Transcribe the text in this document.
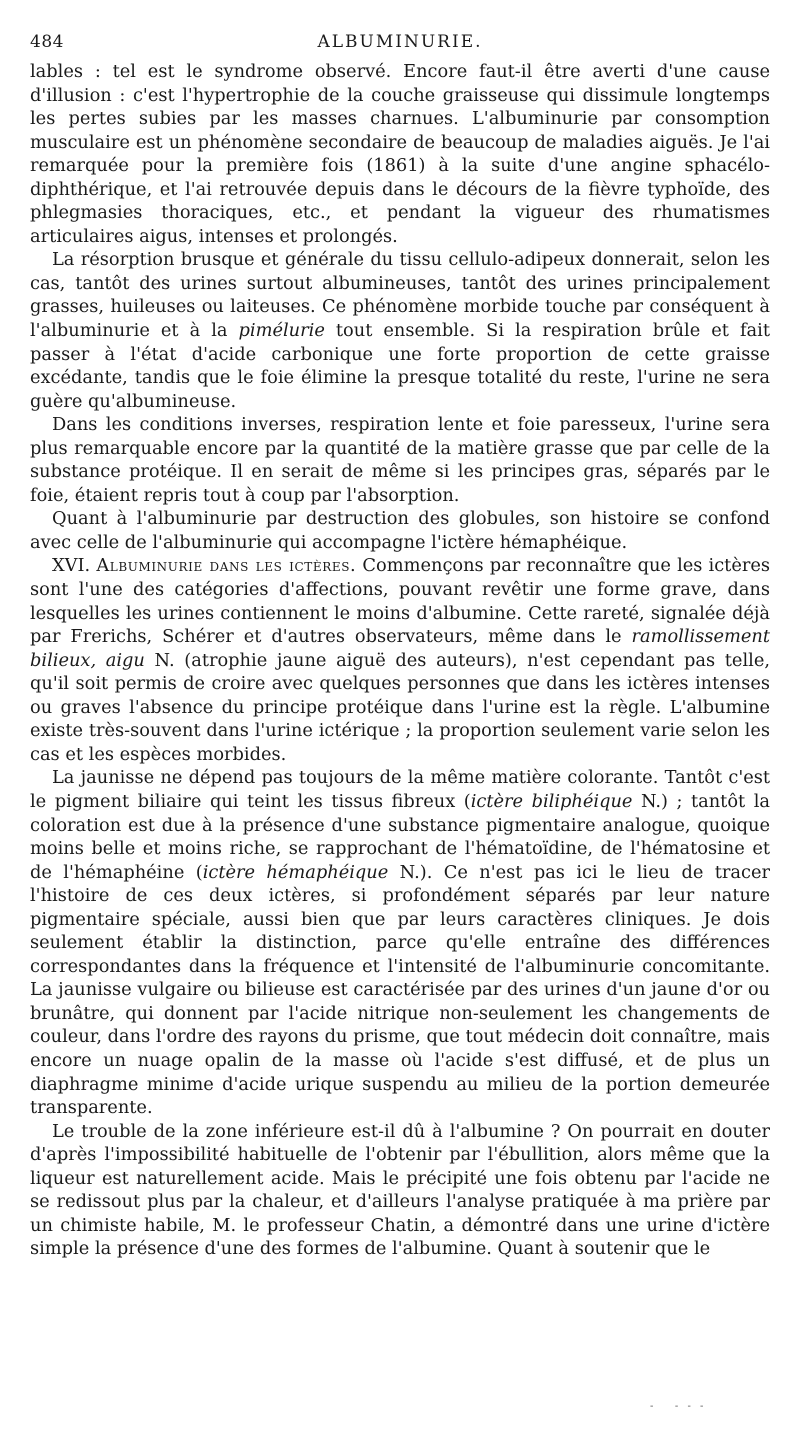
484	ALBUMINURIE.

lables : tel est le syndrome observé. Encore faut-il être averti d'une cause d'illusion : c'est l'hypertrophie de la couche graisseuse qui dissimule longtemps les pertes subies par les masses charnues. L'albuminurie par consomption musculaire est un phénomène secondaire de beaucoup de maladies aiguës. Je l'ai remarquée pour la première fois (1861) à la suite d'une angine sphacélo-diphthérique, et l'ai retrouvée depuis dans le décours de la fièvre typhoïde, des phlegmasies thoraciques, etc., et pendant la vigueur des rhumatismes articulaires aigus, intenses et prolongés.

La résorption brusque et générale du tissu cellulo-adipeux donnerait, selon les cas, tantôt des urines surtout albumineuses, tantôt des urines principalement grasses, huileuses ou laiteuses. Ce phénomène morbide touche par conséquent à l'albuminurie et à la pimélurie tout ensemble. Si la respiration brûle et fait passer à l'état d'acide carbonique une forte proportion de cette graisse excédante, tandis que le foie élimine la presque totalité du reste, l'urine ne sera guère qu'albumineuse.

Dans les conditions inverses, respiration lente et foie paresseux, l'urine sera plus remarquable encore par la quantité de la matière grasse que par celle de la substance protéique. Il en serait de même si les principes gras, séparés par le foie, étaient repris tout à coup par l'absorption.

Quant à l'albuminurie par destruction des globules, son histoire se confond avec celle de l'albuminurie qui accompagne l'ictère hémaphéique.

XVI. Albuminurie dans les ictères. Commençons par reconnaître que les ictères sont l'une des catégories d'affections, pouvant revêtir une forme grave, dans lesquelles les urines contiennent le moins d'albumine. Cette rareté, signalée déjà par Frerichs, Schérer et d'autres observateurs, même dans le ramollissement bilieux, aigu N. (atrophie jaune aiguë des auteurs), n'est cependant pas telle, qu'il soit permis de croire avec quelques personnes que dans les ictères intenses ou graves l'absence du principe protéique dans l'urine est la règle. L'albumine existe très-souvent dans l'urine ictérique ; la proportion seulement varie selon les cas et les espèces morbides.

La jaunisse ne dépend pas toujours de la même matière colorante. Tantôt c'est le pigment biliaire qui teint les tissus fibreux (ictère biliphéique N.) ; tantôt la coloration est due à la présence d'une substance pigmentaire analogue, quoique moins belle et moins riche, se rapprochant de l'hématoïdine, de l'hématosine et de l'hémaphéine (ictère hémaphéique N.). Ce n'est pas ici le lieu de tracer l'histoire de ces deux ictères, si profondément séparés par leur nature pigmentaire spéciale, aussi bien que par leurs caractères cliniques. Je dois seulement établir la distinction, parce qu'elle entraîne des différences correspondantes dans la fréquence et l'intensité de l'albuminurie concomitante. La jaunisse vulgaire ou bilieuse est caractérisée par des urines d'un jaune d'or ou brunâtre, qui donnent par l'acide nitrique non-seulement les changements de couleur, dans l'ordre des rayons du prisme, que tout médecin doit connaître, mais encore un nuage opalin de la masse où l'acide s'est diffusé, et de plus un diaphragme minime d'acide urique suspendu au milieu de la portion demeurée transparente.

Le trouble de la zone inférieure est-il dû à l'albumine ? On pourrait en douter d'après l'impossibilité habituelle de l'obtenir par l'ébullition, alors même que la liqueur est naturellement acide. Mais le précipité une fois obtenu par l'acide ne se redissout plus par la chaleur, et d'ailleurs l'analyse pratiquée à ma prière par un chimiste habile, M. le professeur Chatin, a démontré dans une urine d'ictère simple la présence d'une des formes de l'albumine. Quant à soutenir que le

-   - - -
